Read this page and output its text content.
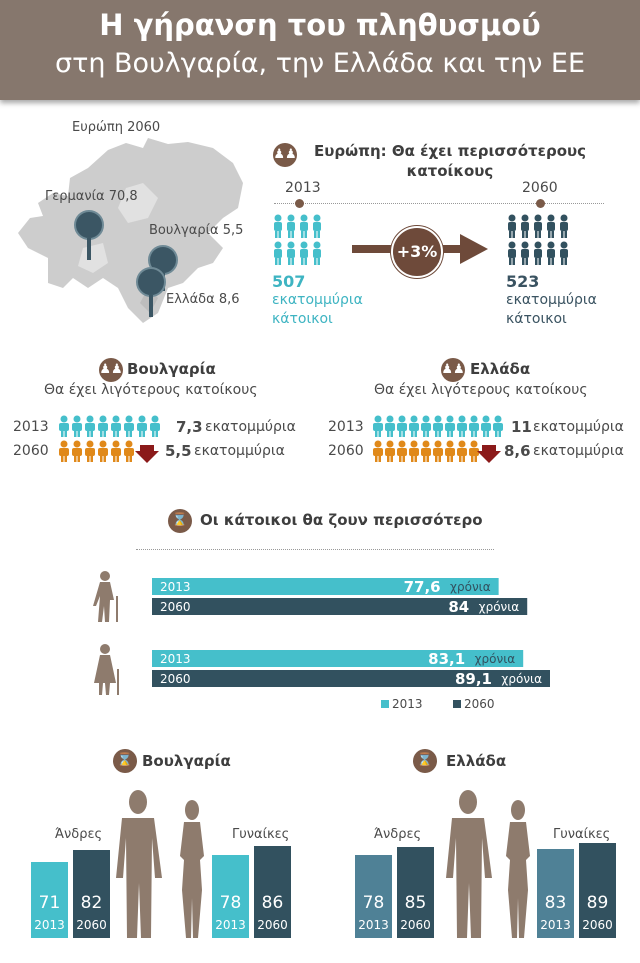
Η γήρανση του πληθυσμού
στη Βουλγαρία, την Ελλάδα και την ΕΕ
Ευρώπη 2060
Γερμανία 70,8
Βουλγαρία 5,5
Ελλάδα 8,6
♟♟	Ευρώπη: Θα έχει περισσότερους κατοίκους
2013	2060
+3%
507
εκατομμύρια
κάτοικοι
523
εκατομμύρια
κάτοικοι
♟♟ Βουλγαρία
Θα έχει λιγότερους κατοίκους
2013
2060
7,3 εκατομμύρια
5,5 εκατομμύρια
♟♟ Ελλάδα
Θα έχει λιγότερους κατοίκους
2013
2060
11 εκατομμύρια
8,6 εκατομμύρια
⌛ Οι κάτοικοι θα ζουν περισσότερο
2013	χρόνια
77,6
2060	χρόνια
84
2013	χρόνια
83,1
2060	χρόνια
89,1
2013	2060
⌛ Βουλγαρία	⌛ Ελλάδα
Άνδρες	Γυναίκες	Άνδρες	Γυναίκες
71
2013
82
2060
78
2013
86
2060
78
2013
85
2060
83
2013
89
2060
